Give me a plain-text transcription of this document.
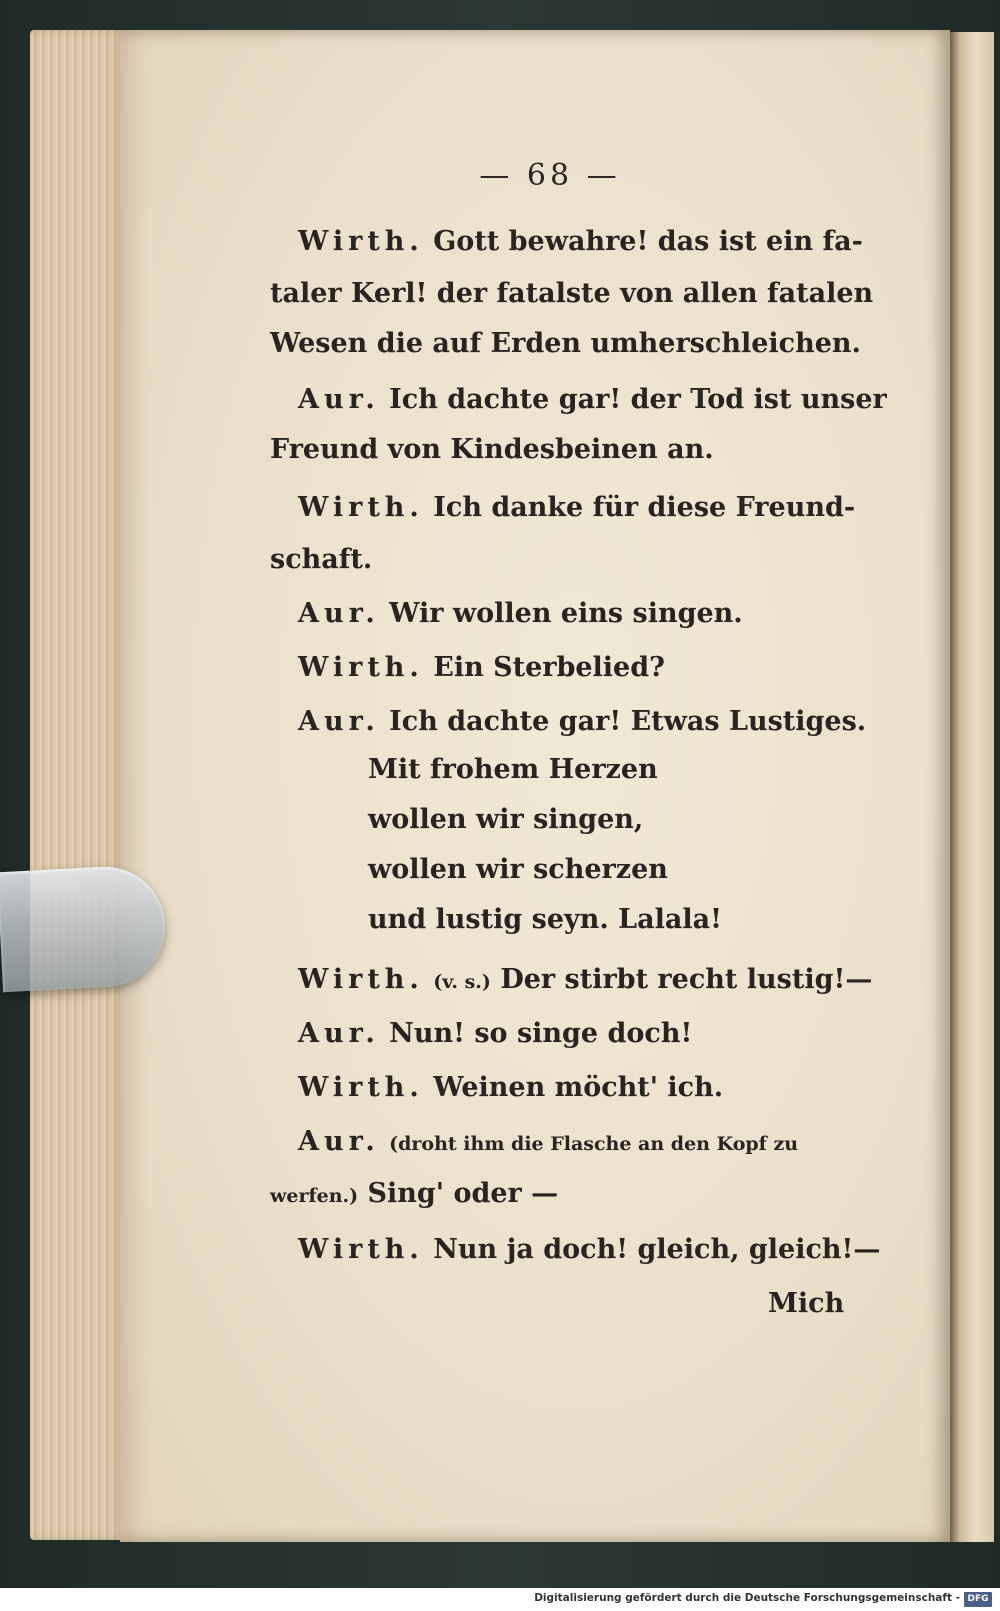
— 68 —
Wirth. Gott bewahre! das ist ein fa-
taler Kerl! der fatalste von allen fatalen
Wesen die auf Erden umherschleichen.
Aur. Ich dachte gar! der Tod ist unser
Freund von Kindesbeinen an.
Wirth. Ich danke für diese Freund-
schaft.
Aur. Wir wollen eins singen.
Wirth. Ein Sterbelied?
Aur. Ich dachte gar! Etwas Lustiges.
Mit frohem Herzen
wollen wir singen,
wollen wir scherzen
und lustig seyn. Lalala!
Wirth. (v. s.) Der stirbt recht lustig!—
Aur. Nun! so singe doch!
Wirth. Weinen möcht' ich.
Aur. (droht ihm die Flasche an den Kopf zu
werfen.) Sing' oder —
Wirth. Nun ja doch! gleich, gleich!—
Mich
Digitalisierung gefördert durch die Deutsche Forschungsgemeinschaft - DFG
